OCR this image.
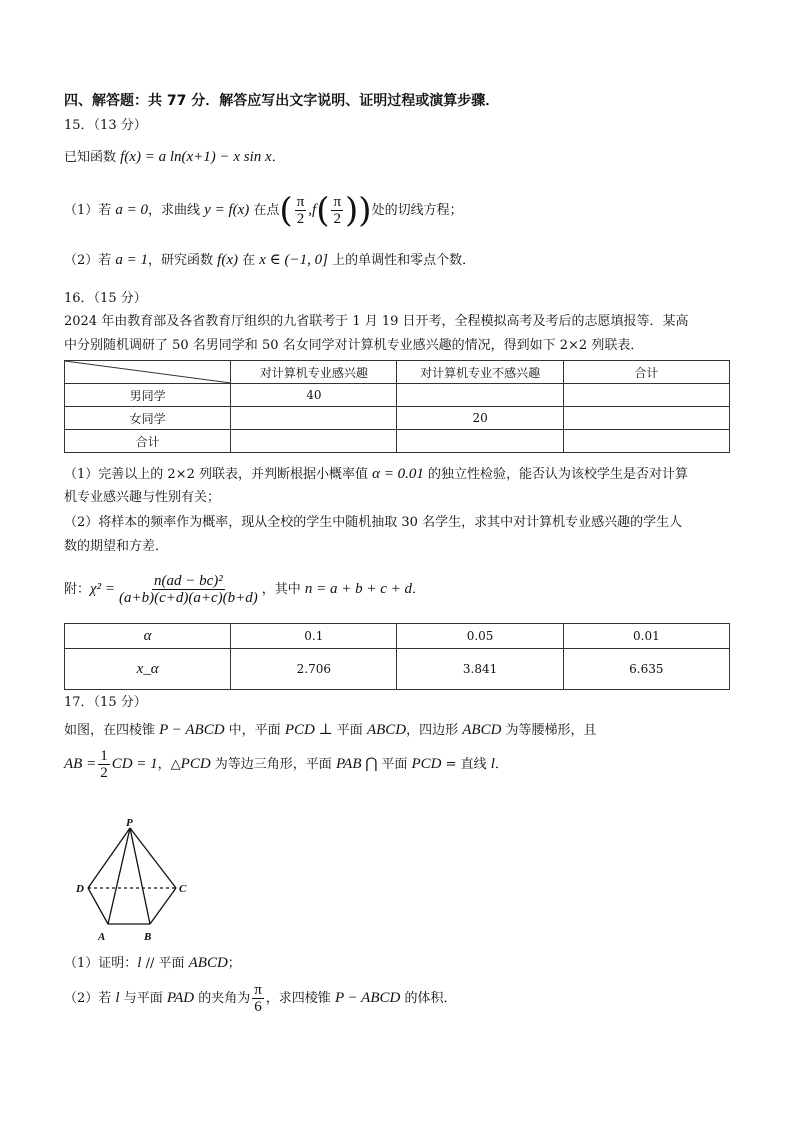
四、解答题：共 77 分．解答应写出文字说明、证明过程或演算步骤．
15．（13 分）
已知函数 f(x) = a ln(x+1) − x sin x．
（1）若 a = 0，求曲线 y = f(x) 在点( $\frac{\pi}{2} ,f( \frac{\pi}{2}$ ))处的切线方程；
（2）若 a = 1，研究函数 f(x) 在 x ∈ (−1, 0] 上的单调性和零点个数．
16．（15 分）
2024 年由教育部及各省教育厅组织的九省联考于 1 月 19 日开考，全程模拟高考及考后的志愿填报等．某高
中分别随机调研了 50 名男同学和 50 名女同学对计算机专业感兴趣的情况，得到如下 2×2 列联表．
	对计算机专业感兴趣	对计算机专业不感兴趣	合计
男同学	40		
女同学		20	
合计			
（1）完善以上的 2×2 列联表，并判断根据小概率值 α = 0.01 的独立性检验，能否认为该校学生是否对计算
机专业感兴趣与性别有关；
（2）将样本的频率作为概率，现从全校的学生中随机抽取 30 名学生，求其中对计算机专业感兴趣的学生人
数的期望和方差．
附：$\chi^2 = \frac{\text{n(ad − bc)²}}{(a+b)(c+d)(a+c)(b+d)}$ ，其中 n = a + b + c + d．
α	0.1	0.05	0.01
x_α	2.706	3.841	6.635
17．（15 分）
如图，在四棱锥 P − ABCD 中，平面 PCD ⊥ 平面 ABCD，四边形 ABCD 为等腰梯形，且
AB = $\frac{1}{2}$ CD = 1，△PCD 为等边三角形，平面 PAB ⋂ 平面 PCD = 直线 l．
P
D	C
A	B
（1）证明：l // 平面 ABCD；
（2）若 l 与平面 PAD 的夹角为 $\frac{\pi}{6}$ ，求四棱锥 P − ABCD 的体积．
